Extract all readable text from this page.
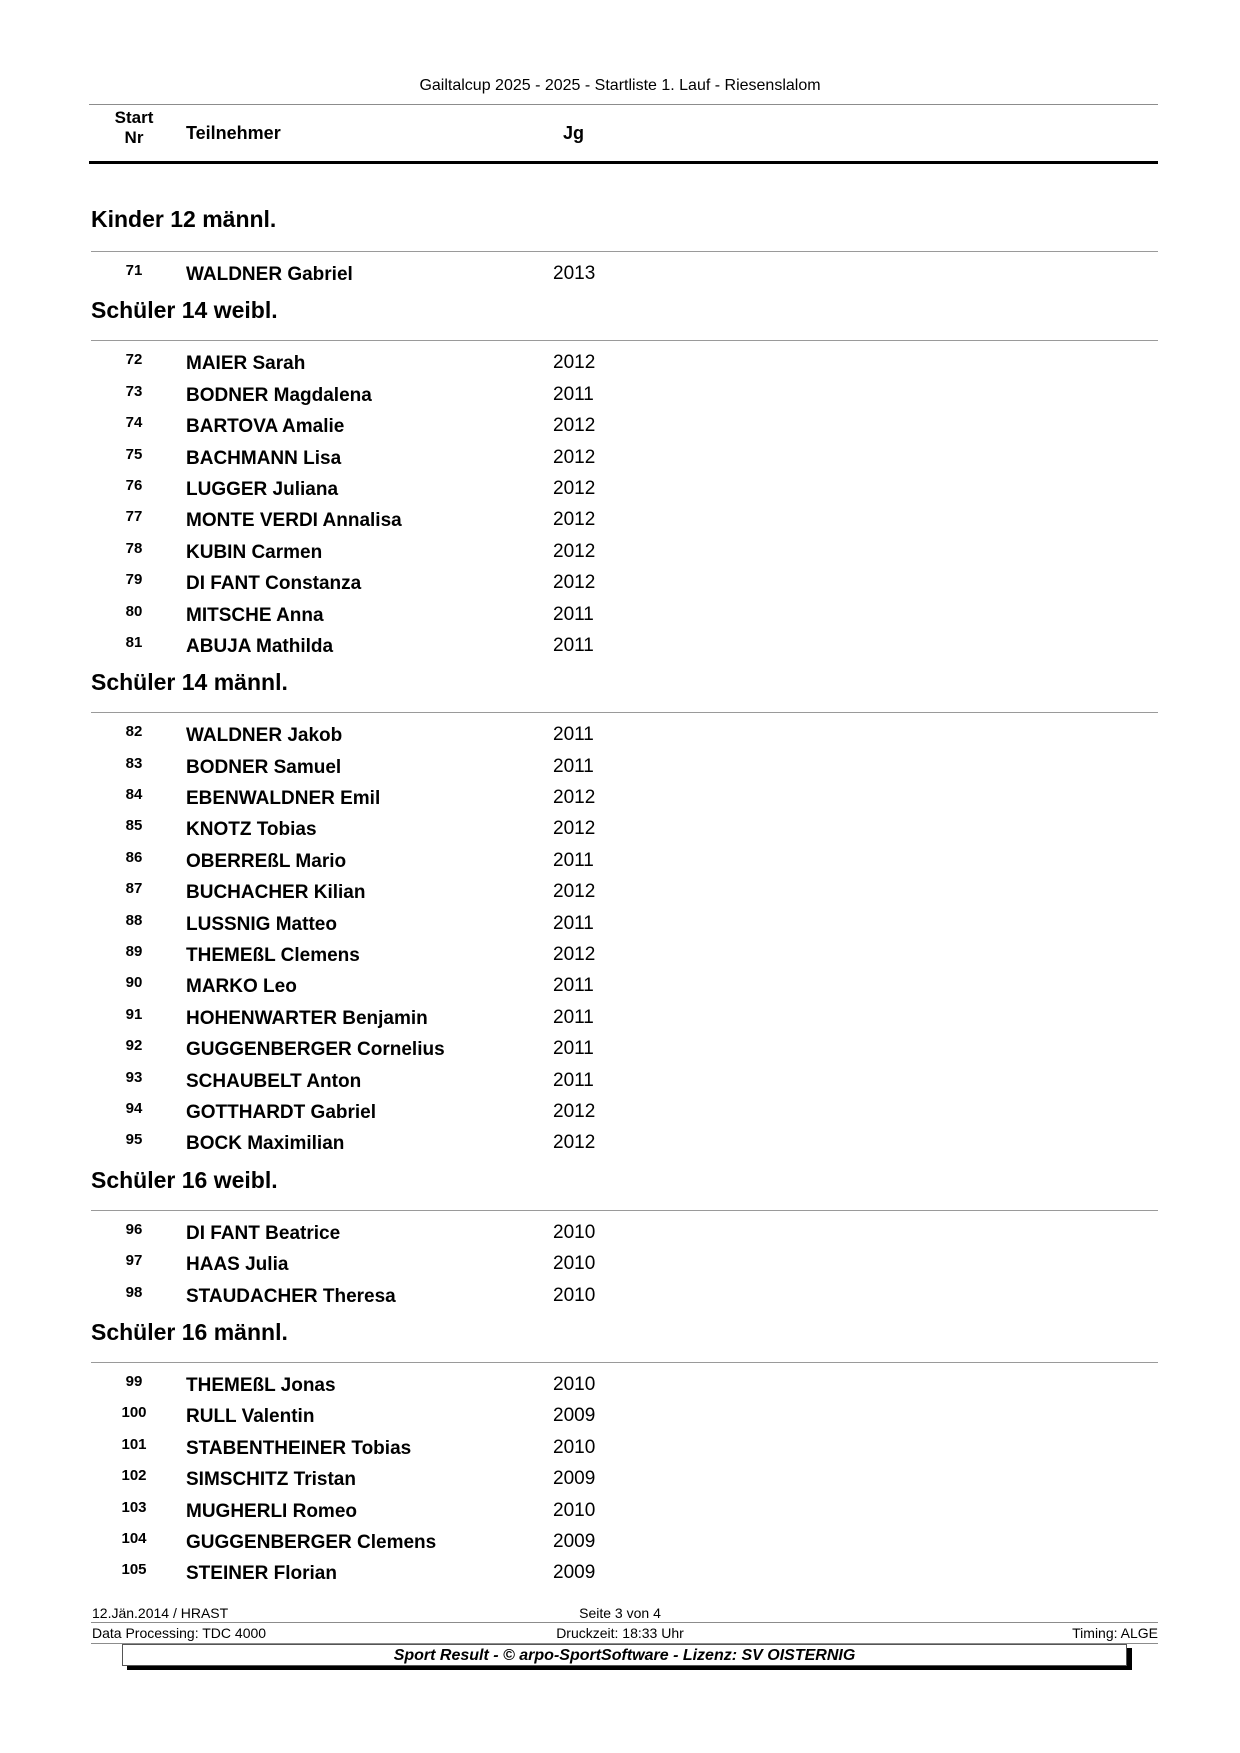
Gailtalcup 2025 - 2025 - Startliste 1. Lauf - Riesenslalom
Start
Nr	Teilnehmer	Jg
Kinder 12 männl.
71	WALDNER Gabriel	2013
Schüler 14 weibl.
72	MAIER Sarah	2012
73	BODNER Magdalena	2011
74	BARTOVA Amalie	2012
75	BACHMANN Lisa	2012
76	LUGGER Juliana	2012
77	MONTE VERDI Annalisa	2012
78	KUBIN Carmen	2012
79	DI FANT Constanza	2012
80	MITSCHE Anna	2011
81	ABUJA Mathilda	2011
Schüler 14 männl.
82	WALDNER Jakob	2011
83	BODNER Samuel	2011
84	EBENWALDNER Emil	2012
85	KNOTZ Tobias	2012
86	OBERREßL Mario	2011
87	BUCHACHER Kilian	2012
88	LUSSNIG Matteo	2011
89	THEMEßL Clemens	2012
90	MARKO Leo	2011
91	HOHENWARTER Benjamin	2011
92	GUGGENBERGER Cornelius	2011
93	SCHAUBELT Anton	2011
94	GOTTHARDT Gabriel	2012
95	BOCK Maximilian	2012
Schüler 16 weibl.
96	DI FANT Beatrice	2010
97	HAAS Julia	2010
98	STAUDACHER Theresa	2010
Schüler 16 männl.
99	THEMEßL Jonas	2010
100	RULL Valentin	2009
101	STABENTHEINER Tobias	2010
102	SIMSCHITZ Tristan	2009
103	MUGHERLI Romeo	2010
104	GUGGENBERGER Clemens	2009
105	STEINER Florian	2009
12.Jän.2014 / HRAST	Seite 3 von 4
Data Processing: TDC 4000	Druckzeit: 18:33 Uhr	Timing: ALGE
Sport Result - © arpo-SportSoftware - Lizenz: SV OISTERNIG
